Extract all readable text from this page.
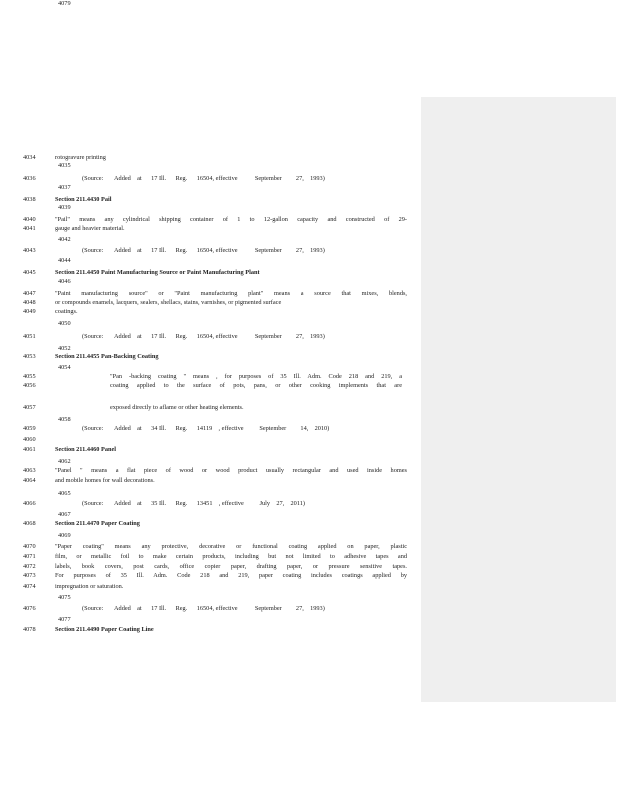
4034	rotogravure printing
4035
4036	(Source:       Added    at      17 Ill.      Reg.      16504, effective           September         27,    1993)
4037
4038	Section 211.4430 Pail
4039
4040	"Pail" means any cylindrical shipping container of 1 to 12-gallon capacity and constructed of 29-
4041	gauge and heavier material.
4042
4043	(Source:       Added    at      17 Ill.      Reg.      16504, effective           September         27,    1993)
4044
4045	Section 211.4450 Paint Manufacturing Source or Paint Manufacturing Plant
4046
4047	"Paint manufacturing source" or "Paint manufacturing plant" means a source that mixes, blends,
4048	or compounds enamels, lacquers, sealers, shellacs, stains, varnishes, or pigmented surface
4049	coatings.
4050
4051	(Source:       Added    at      17 Ill.      Reg.      16504, effective           September         27,    1993)
4052
4053	Section 211.4455 Pan-Backing Coating
4054
4055	"Pan -backing coating " means , for purposes of 35 Ill. Adm. Code 218 and 219, a
4056	coating applied to the surface of pots, pans, or other cooking implements that are
4057	exposed directly to aflame or other heating elements.
4058
4059	(Source:       Added    at      34 Ill.      Reg.      14119    , effective          September         14,    2010)
4060
4061	Section 211.4460 Panel
4062
4063	"Panel " means a flat piece of wood or wood product usually rectangular and used inside homes
4064	and mobile homes for wall decorations.
4065
4066	(Source:       Added    at      35 Ill.      Reg.      13451    , effective          July    27,    2011)
4067
4068	Section 211.4470 Paper Coating
4069
4070	"Paper coating" means any protective, decorative or functional coating applied on paper, plastic
4071	film, or metallic foil to make certain products, including but not limited to adhesive tapes and
4072	labels, book covers, post cards, office copier paper, drafting paper, or pressure sensitive tapes.
4073	For purposes of 35 Ill. Adm. Code 218 and 219, paper coating includes coatings applied by
4074	impregnation or saturation.
4075
4076	(Source:       Added    at      17 Ill.      Reg.      16504, effective           September         27,    1993)
4077
4078	Section 211.4490 Paper Coating Line
4079
